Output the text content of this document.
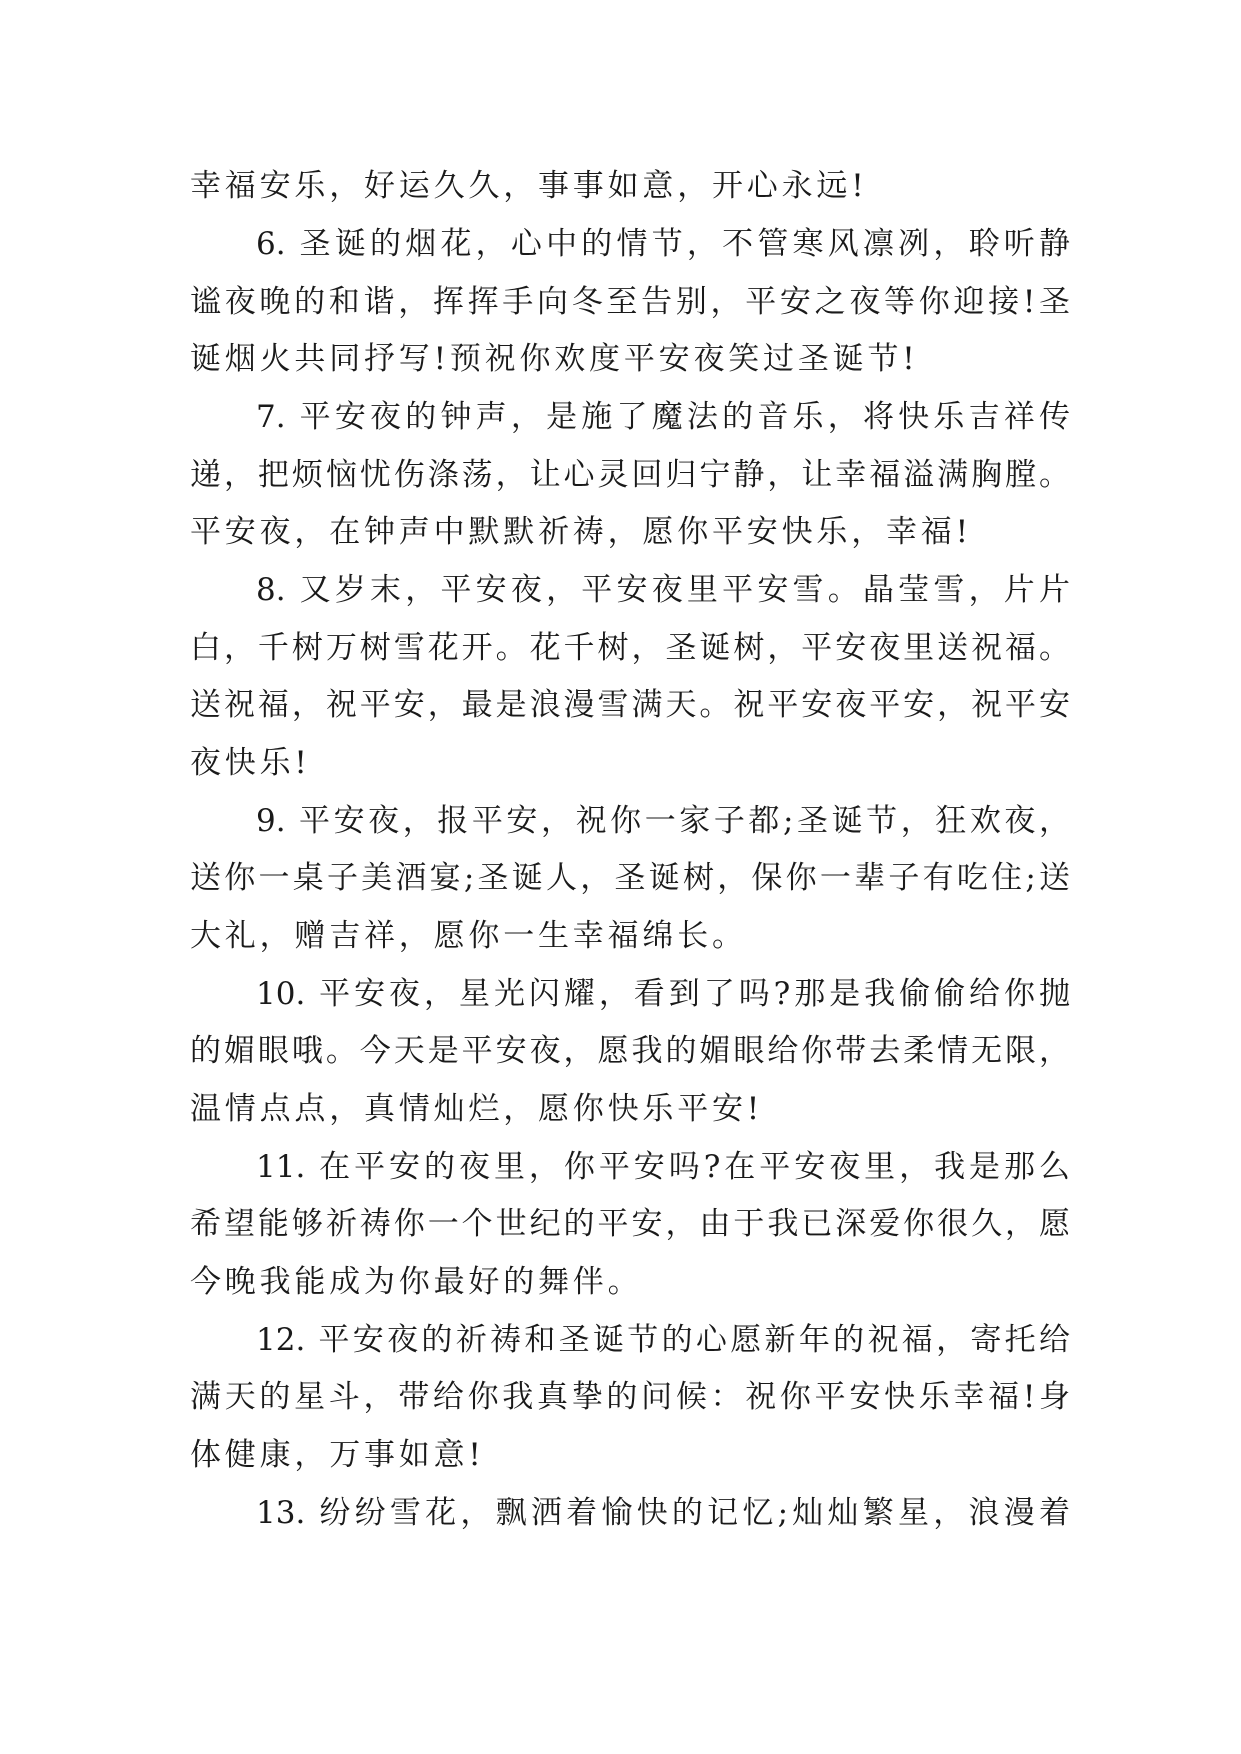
幸福安乐，好运久久，事事如意，开心永远!
6. 圣诞的烟花，心中的情节，不管寒风凛冽，聆听静
谧夜晚的和谐，挥挥手向冬至告别，平安之夜等你迎接!圣
诞烟火共同抒写!预祝你欢度平安夜笑过圣诞节!
7. 平安夜的钟声，是施了魔法的音乐，将快乐吉祥传
递，把烦恼忧伤涤荡，让心灵回归宁静，让幸福溢满胸膛。
平安夜，在钟声中默默祈祷，愿你平安快乐，幸福!
8. 又岁末，平安夜，平安夜里平安雪。晶莹雪，片片
白，千树万树雪花开。花千树，圣诞树，平安夜里送祝福。
送祝福，祝平安，最是浪漫雪满天。祝平安夜平安，祝平安
夜快乐!
9. 平安夜，报平安，祝你一家子都;圣诞节，狂欢夜，
送你一桌子美酒宴;圣诞人，圣诞树，保你一辈子有吃住;送
大礼，赠吉祥，愿你一生幸福绵长。
10. 平安夜，星光闪耀，看到了吗?那是我偷偷给你抛
的媚眼哦。今天是平安夜，愿我的媚眼给你带去柔情无限，
温情点点，真情灿烂，愿你快乐平安!
11. 在平安的夜里，你平安吗?在平安夜里，我是那么
希望能够祈祷你一个世纪的平安，由于我已深爱你很久，愿
今晚我能成为你最好的舞伴。
12. 平安夜的祈祷和圣诞节的心愿新年的祝福，寄托给
满天的星斗，带给你我真挚的问候：祝你平安快乐幸福!身
体健康，万事如意!
13. 纷纷雪花，飘洒着愉快的记忆;灿灿繁星，浪漫着
